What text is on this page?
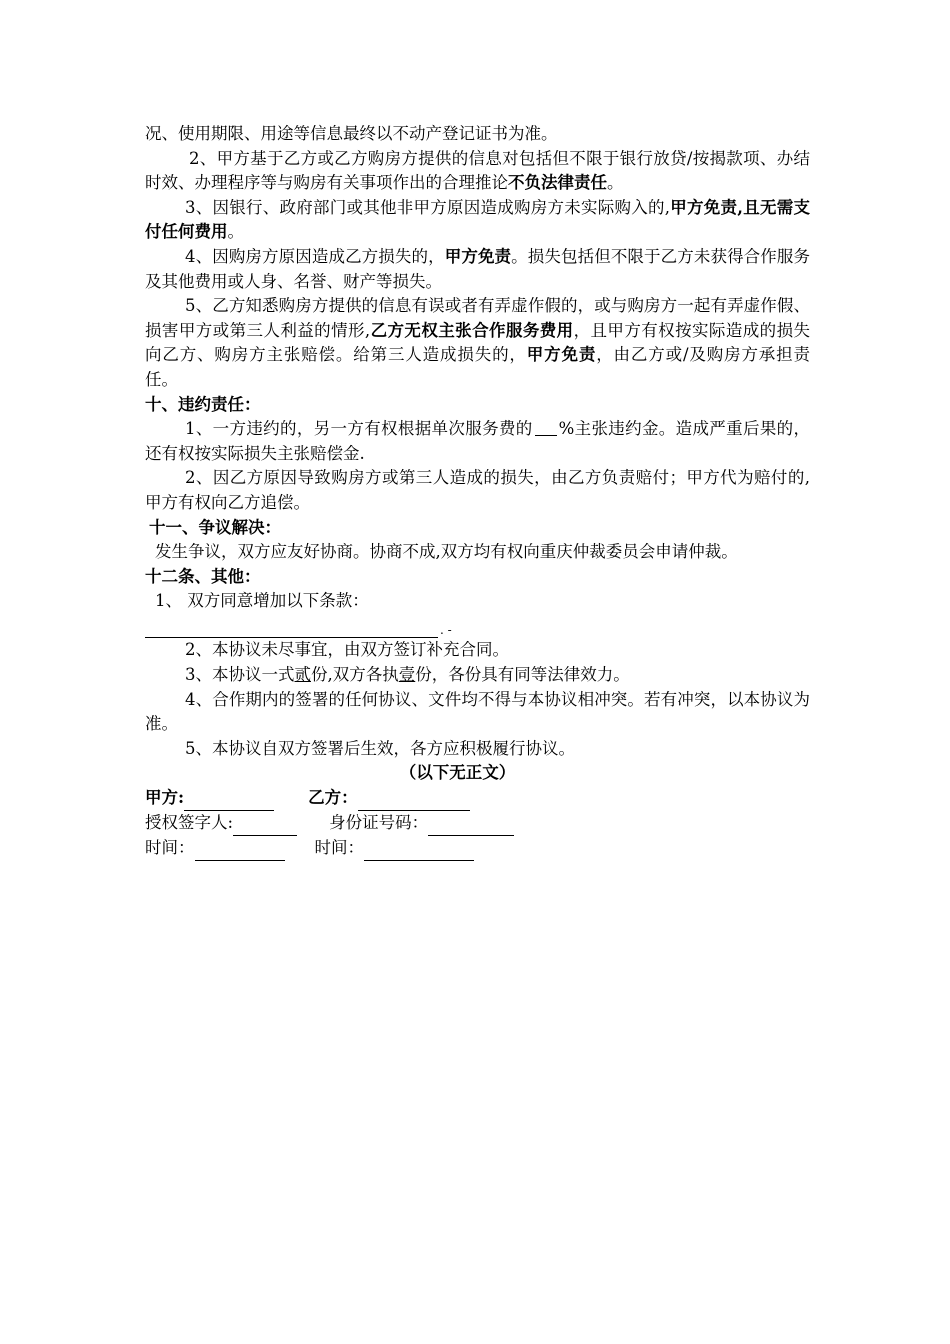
况、使用期限、用途等信息最终以不动产登记证书为准。

2、甲方基于乙方或乙方购房方提供的信息对包括但不限于银行放贷/按揭款项、办结时效、办理程序等与购房有关事项作出的合理推论不负法律责任。

3、因银行、政府部门或其他非甲方原因造成购房方未实际购入的,甲方免责,且无需支付任何费用。

4、因购房方原因造成乙方损失的，甲方免责。损失包括但不限于乙方未获得合作服务及其他费用或人身、名誉、财产等损失。

5、乙方知悉购房方提供的信息有误或者有弄虚作假的，或与购房方一起有弄虚作假、损害甲方或第三人利益的情形,乙方无权主张合作服务费用，且甲方有权按实际造成的损失向乙方、购房方主张赔偿。给第三人造成损失的，甲方免责，由乙方或/及购房方承担责任。

十、违约责任：

1、一方违约的，另一方有权根据单次服务费的 %主张违约金。造成严重后果的，还有权按实际损失主张赔偿金.

2、因乙方原因导致购房方或第三人造成的损失，由乙方负责赔付；甲方代为赔付的,甲方有权向乙方追偿。

十一、争议解决：

发生争议，双方应友好协商。协商不成,双方均有权向重庆仲裁委员会申请仲裁。

十二条、其他：

1、 双方同意增加以下条款：

. -

2、本协议未尽事宜，由双方签订补充合同。

3、本协议一式贰份,双方各执壹份，各份具有同等法律效力。

4、合作期内的签署的任何协议、文件均不得与本协议相冲突。若有冲突，以本协议为准。

5、本协议自双方签署后生效，各方应积极履行协议。

（以下无正文）

甲方:	乙方：
授权签字人:	身份证号码：
时间：	时间：
